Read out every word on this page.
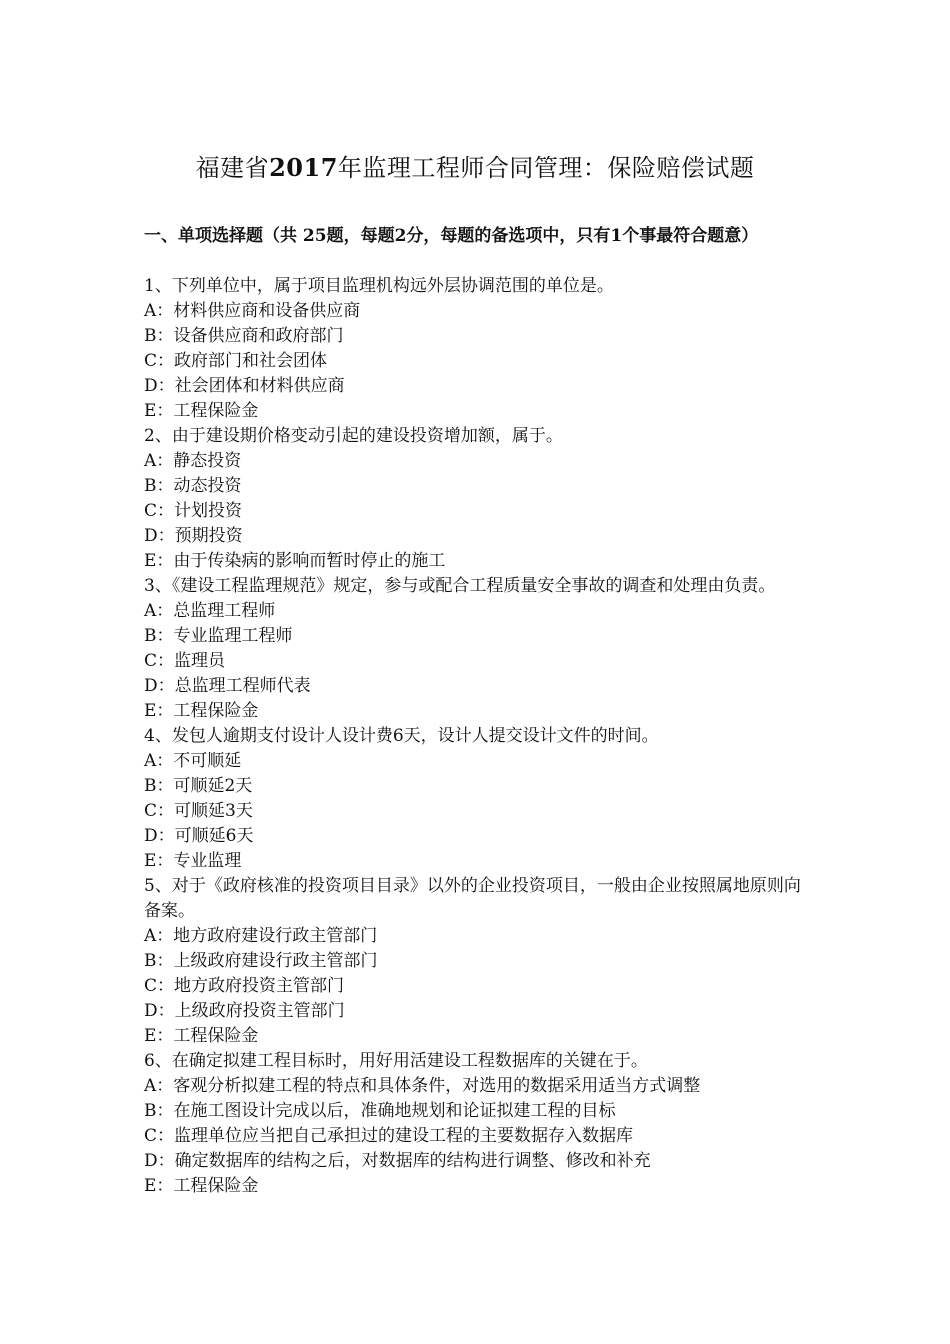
福建省2017年监理工程师合同管理：保险赔偿试题
一、单项选择题（共 25题，每题2分，每题的备选项中，只有1个事最符合题意）

1、下列单位中，属于项目监理机构远外层协调范围的单位是。

A：材料供应商和设备供应商

B：设备供应商和政府部门

C：政府部门和社会团体

D：社会团体和材料供应商

E：工程保险金

2、由于建设期价格变动引起的建设投资增加额，属于。

A：静态投资

B：动态投资

C：计划投资

D：预期投资

E：由于传染病的影响而暂时停止的施工

3、《建设工程监理规范》规定，参与或配合工程质量安全事故的调查和处理由负责。

A：总监理工程师

B：专业监理工程师

C：监理员

D：总监理工程师代表

E：工程保险金

4、发包人逾期支付设计人设计费6天，设计人提交设计文件的时间。

A：不可顺延

B：可顺延2天

C：可顺延3天

D：可顺延6天

E：专业监理

5、对于《政府核准的投资项目目录》以外的企业投资项目，一般由企业按照属地原则向备案。

A：地方政府建设行政主管部门

B：上级政府建设行政主管部门

C：地方政府投资主管部门

D：上级政府投资主管部门

E：工程保险金

6、在确定拟建工程目标时，用好用活建设工程数据库的关键在于。

A：客观分析拟建工程的特点和具体条件，对选用的数据采用适当方式调整

B：在施工图设计完成以后，准确地规划和论证拟建工程的目标

C：监理单位应当把自己承担过的建设工程的主要数据存入数据库

D：确定数据库的结构之后，对数据库的结构进行调整、修改和补充

E：工程保险金
